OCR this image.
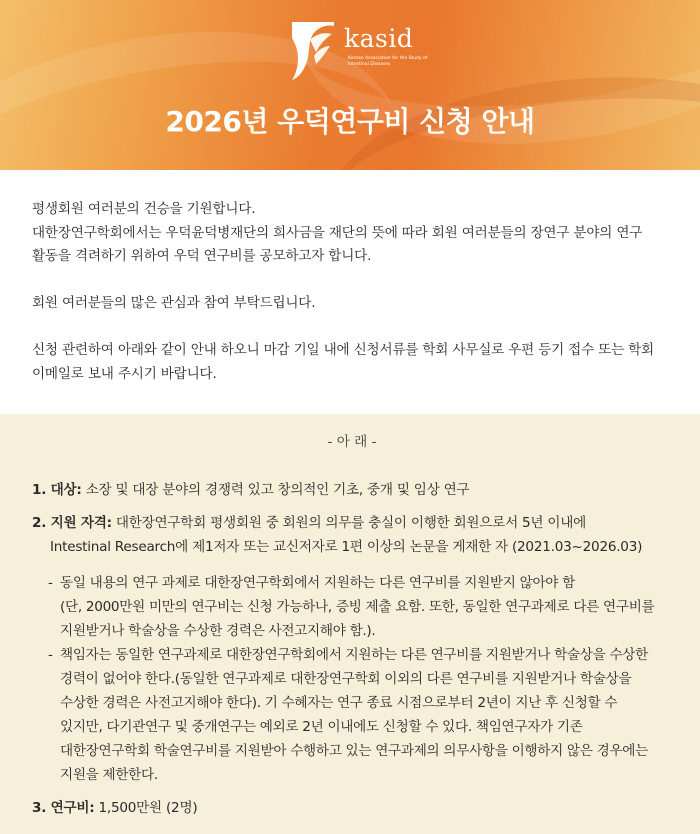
kasid
Korean Association for the Study of Intestinal Diseases
2026년 우덕연구비 신청 안내

평생회원 여러분의 건승을 기원합니다.

대한장연구학회에서는 우덕윤덕병재단의 희사금을 재단의 뜻에 따라 회원 여러분들의 장연구 분야의 연구

활동을 격려하기 위하여 우덕 연구비를 공모하고자 합니다.

회원 여러분들의 많은 관심과 참여 부탁드립니다.

신청 관련하여 아래와 같이 안내 하오니 마감 기일 내에 신청서류를 학회 사무실로 우편 등기 접수 또는 학회

이메일로 보내 주시기 바랍니다.

- 아 래 -
1. 대상: 소장 및 대장 분야의 경쟁력 있고 창의적인 기초, 중개 및 임상 연구
2. 지원 자격: 대한장연구학회 평생회원 중 회원의 의무를 충실이 이행한 회원으로서 5년 이내에
Intestinal Research에 제1저자 또는 교신저자로 1편 이상의 논문을 게재한 자 (2021.03~2026.03)
- 동일 내용의 연구 과제로 대한장연구학회에서 지원하는 다른 연구비를 지원받지 않아야 함
(단, 2000만원 미만의 연구비는 신청 가능하나, 증빙 제출 요함. 또한, 동일한 연구과제로 다른 연구비를
지원받거나 학술상을 수상한 경력은 사전고지해야 함.).
- 책임자는 동일한 연구과제로 대한장연구학회에서 지원하는 다른 연구비를 지원받거나 학술상을 수상한
경력이 없어야 한다.(동일한 연구과제로 대한장연구학회 이외의 다른 연구비를 지원받거나 학술상을
수상한 경력은 사전고지해야 한다). 기 수혜자는 연구 종료 시점으로부터 2년이 지난 후 신청할 수
있지만, 다기관연구 및 중개연구는 예외로 2년 이내에도 신청할 수 있다. 책임연구자가 기존
대한장연구학회 학술연구비를 지원받아 수행하고 있는 연구과제의 의무사항을 이행하지 않은 경우에는
지원을 제한한다.
3. 연구비: 1,500만원 (2명)
